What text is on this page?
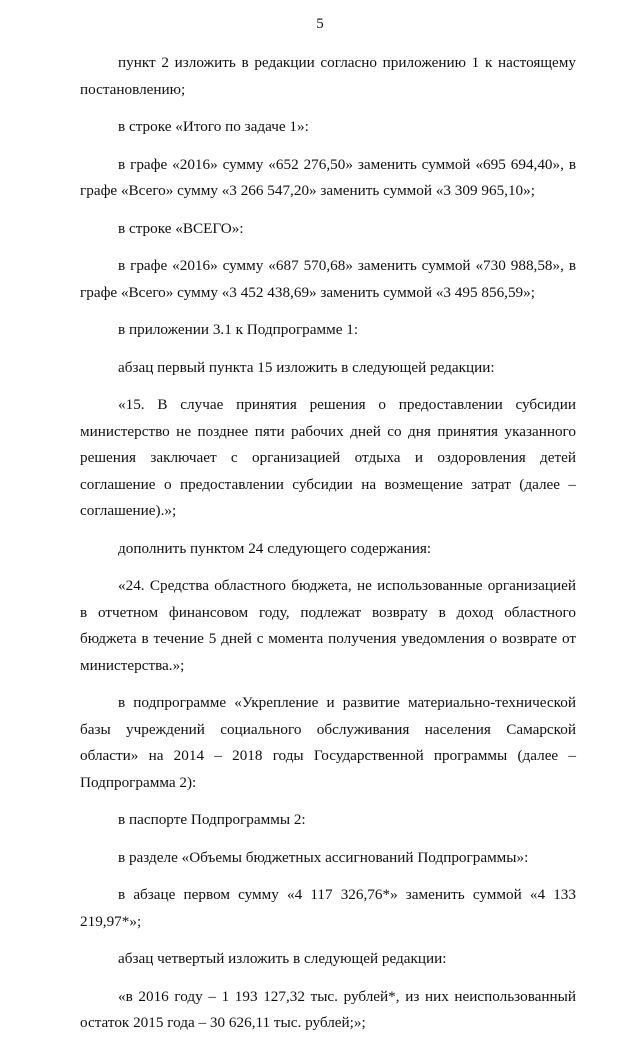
5

пункт 2 изложить в редакции согласно приложению 1 к настоящему постановлению;

в строке «Итого по задаче 1»:

в графе «2016» сумму «652 276,50» заменить суммой «695 694,40», в графе «Всего» сумму «3 266 547,20» заменить суммой «3 309 965,10»;

в строке «ВСЕГО»:

в графе «2016» сумму «687 570,68» заменить суммой «730 988,58», в графе «Всего» сумму «3 452 438,69» заменить суммой «3 495 856,59»;

в приложении 3.1 к Подпрограмме 1:

абзац первый пункта 15 изложить в следующей редакции:

«15. В случае принятия решения о предоставлении субсидии министерство не позднее пяти рабочих дней со дня принятия указанного решения заключает с организацией отдыха и оздоровления детей соглашение о предоставлении субсидии на возмещение затрат (далее – соглашение).»;

дополнить пунктом 24 следующего содержания:

«24. Средства областного бюджета, не использованные организацией в отчетном финансовом году, подлежат возврату в доход областного бюджета в течение 5 дней с момента получения уведомления о возврате от министерства.»;

в подпрограмме «Укрепление и развитие материально-технической базы учреждений социального обслуживания населения Самарской области» на 2014 – 2018 годы Государственной программы (далее – Подпрограмма 2):

в паспорте Подпрограммы 2:

в разделе «Объемы бюджетных ассигнований Подпрограммы»:

в абзаце первом сумму «4 117 326,76*» заменить суммой «4 133 219,97*»;

абзац четвертый изложить в следующей редакции:

«в 2016 году – 1 193 127,32 тыс. рублей*, из них неиспользованный остаток 2015 года – 30 626,11 тыс. рублей;»;
